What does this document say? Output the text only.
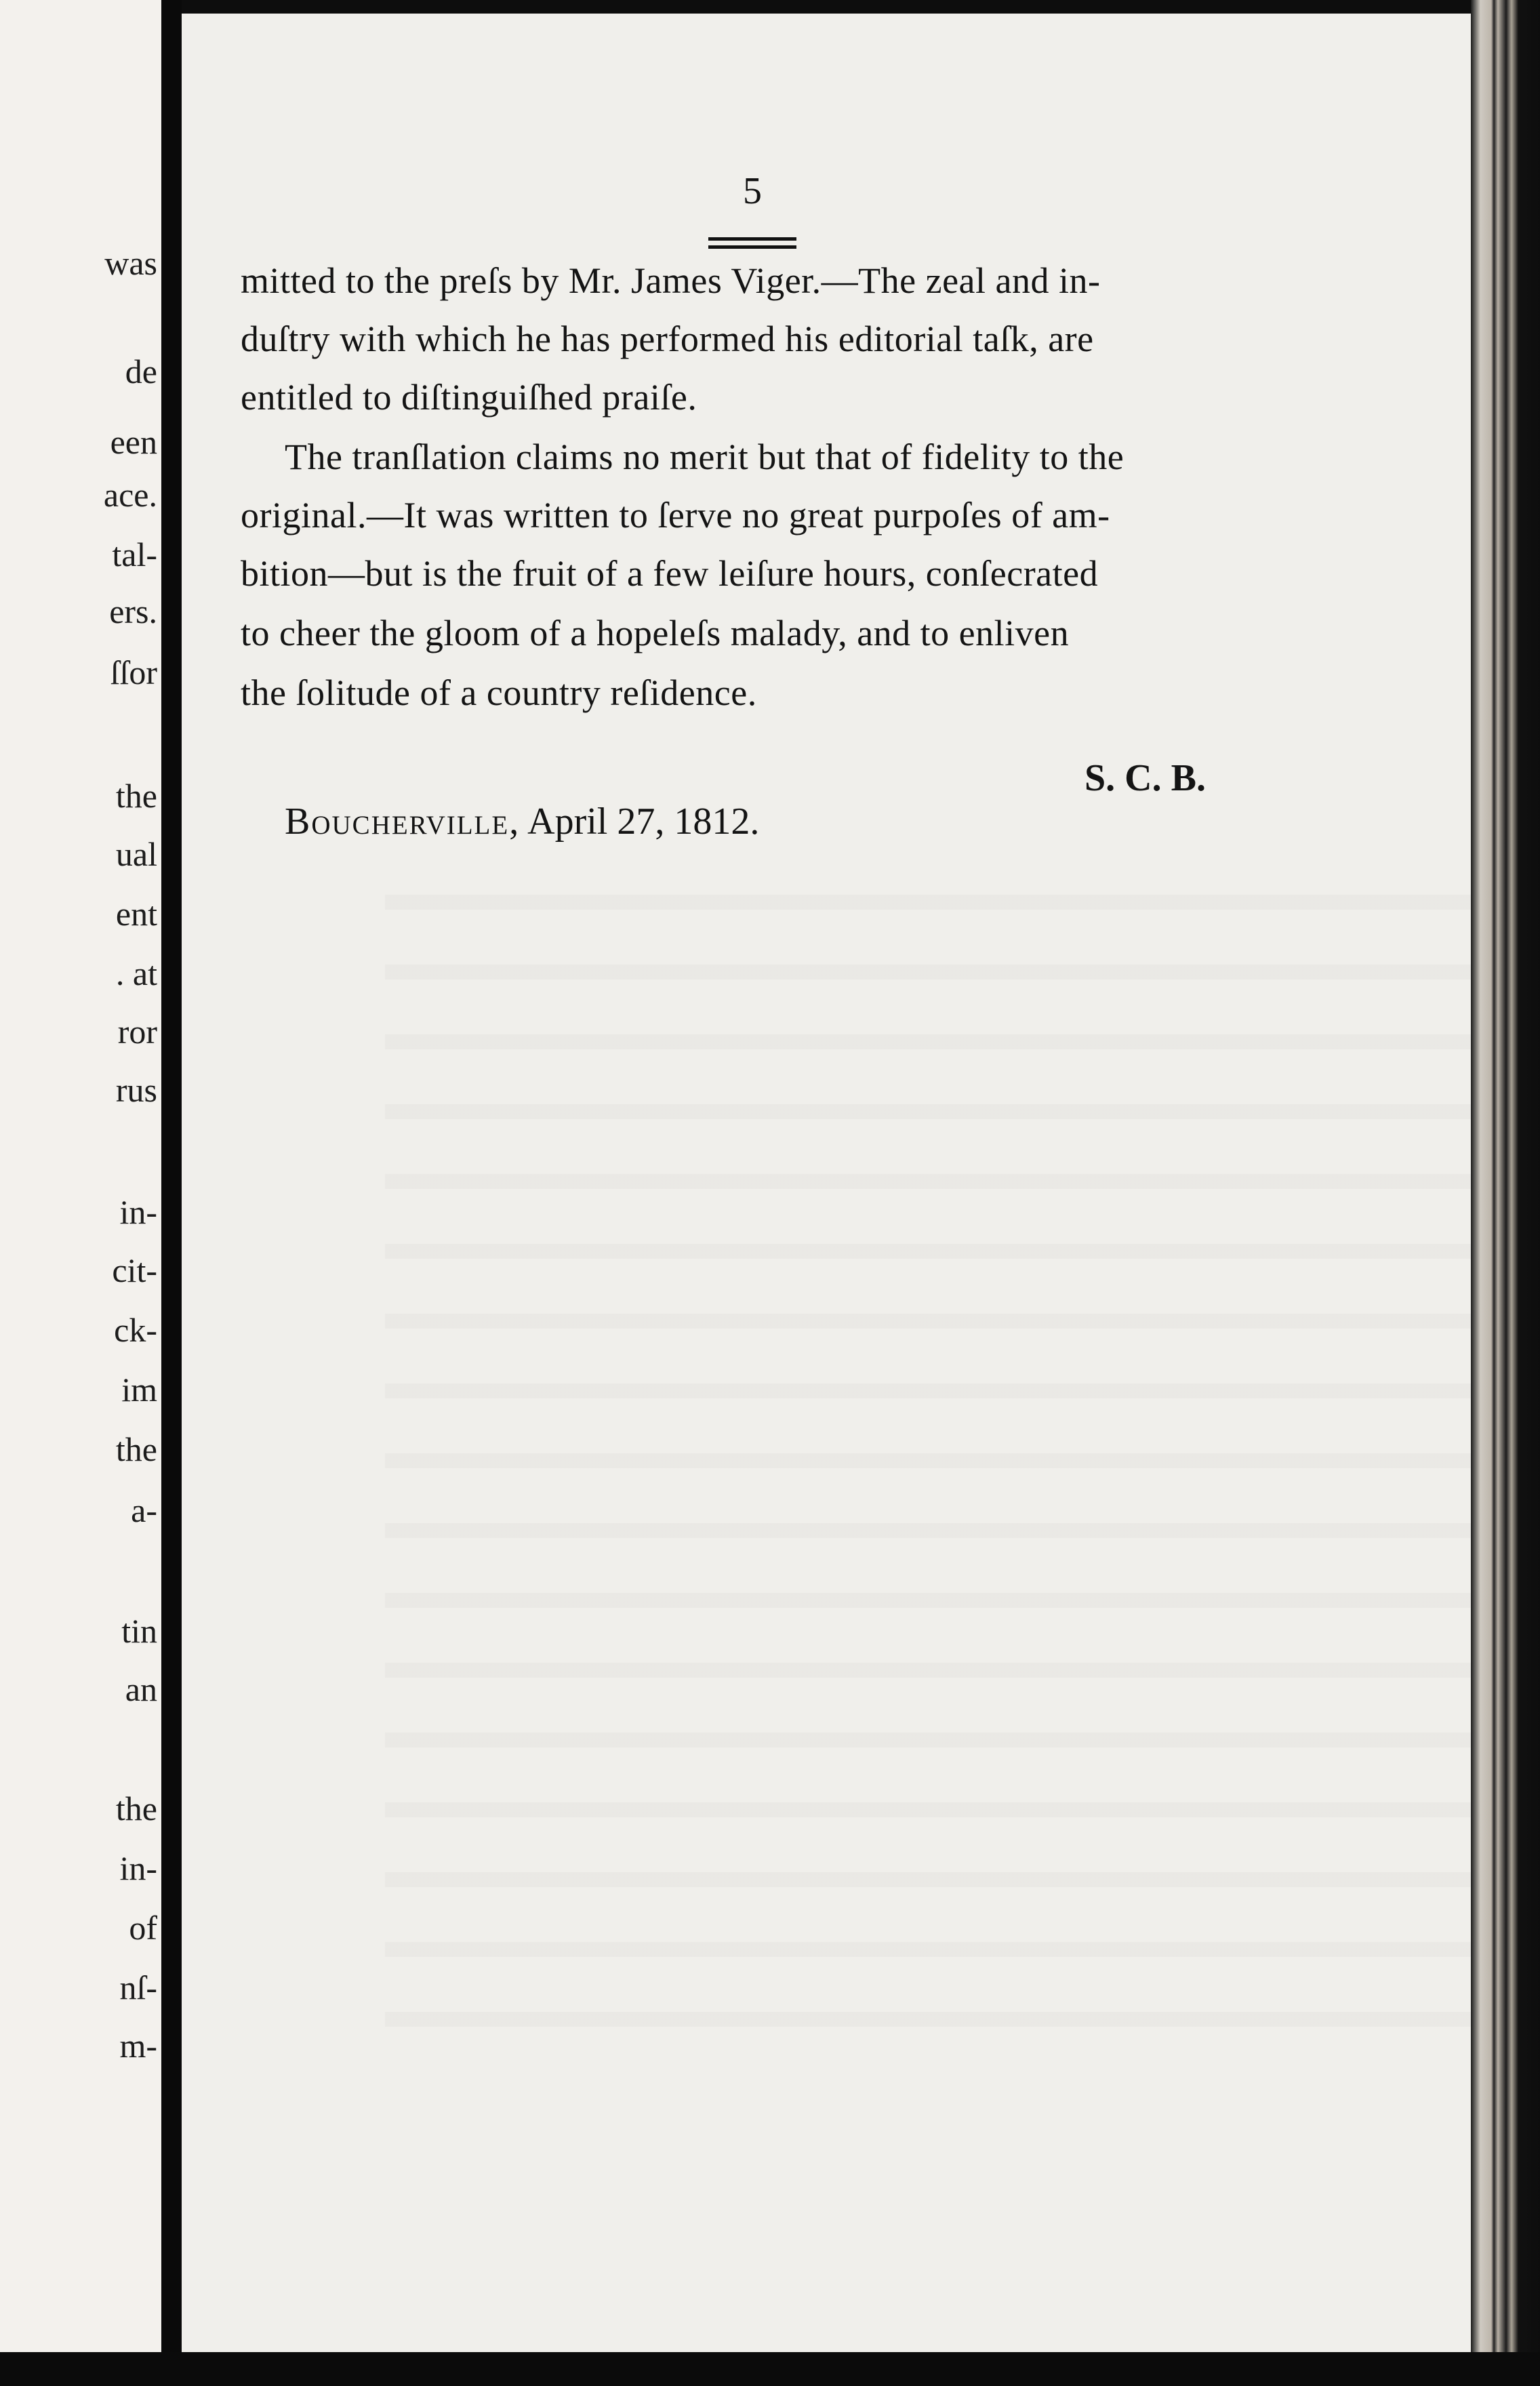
was
de
een
ace.
tal-
ers.
ſſor
the
ual
ent
. at
ror
rus
in-
cit-
ck-
im
the
a-
tin
an
the
in-
of
nſ-
m-
5
mitted to the preſs by Mr. James Viger.—The zeal and in-
duſtry with which he has performed his editorial taſk, are
entitled to diſtinguiſhed praiſe.
The tranſlation claims no merit but that of fidelity to the
original.—It was written to ſerve no great purpoſes of am-
bition—but is the fruit of a few leiſure hours, conſecrated
to cheer the gloom of a hopeleſs malady, and to enliven
the ſolitude of a country reſidence.
S. C. B.
Boucherville, April 27, 1812.
